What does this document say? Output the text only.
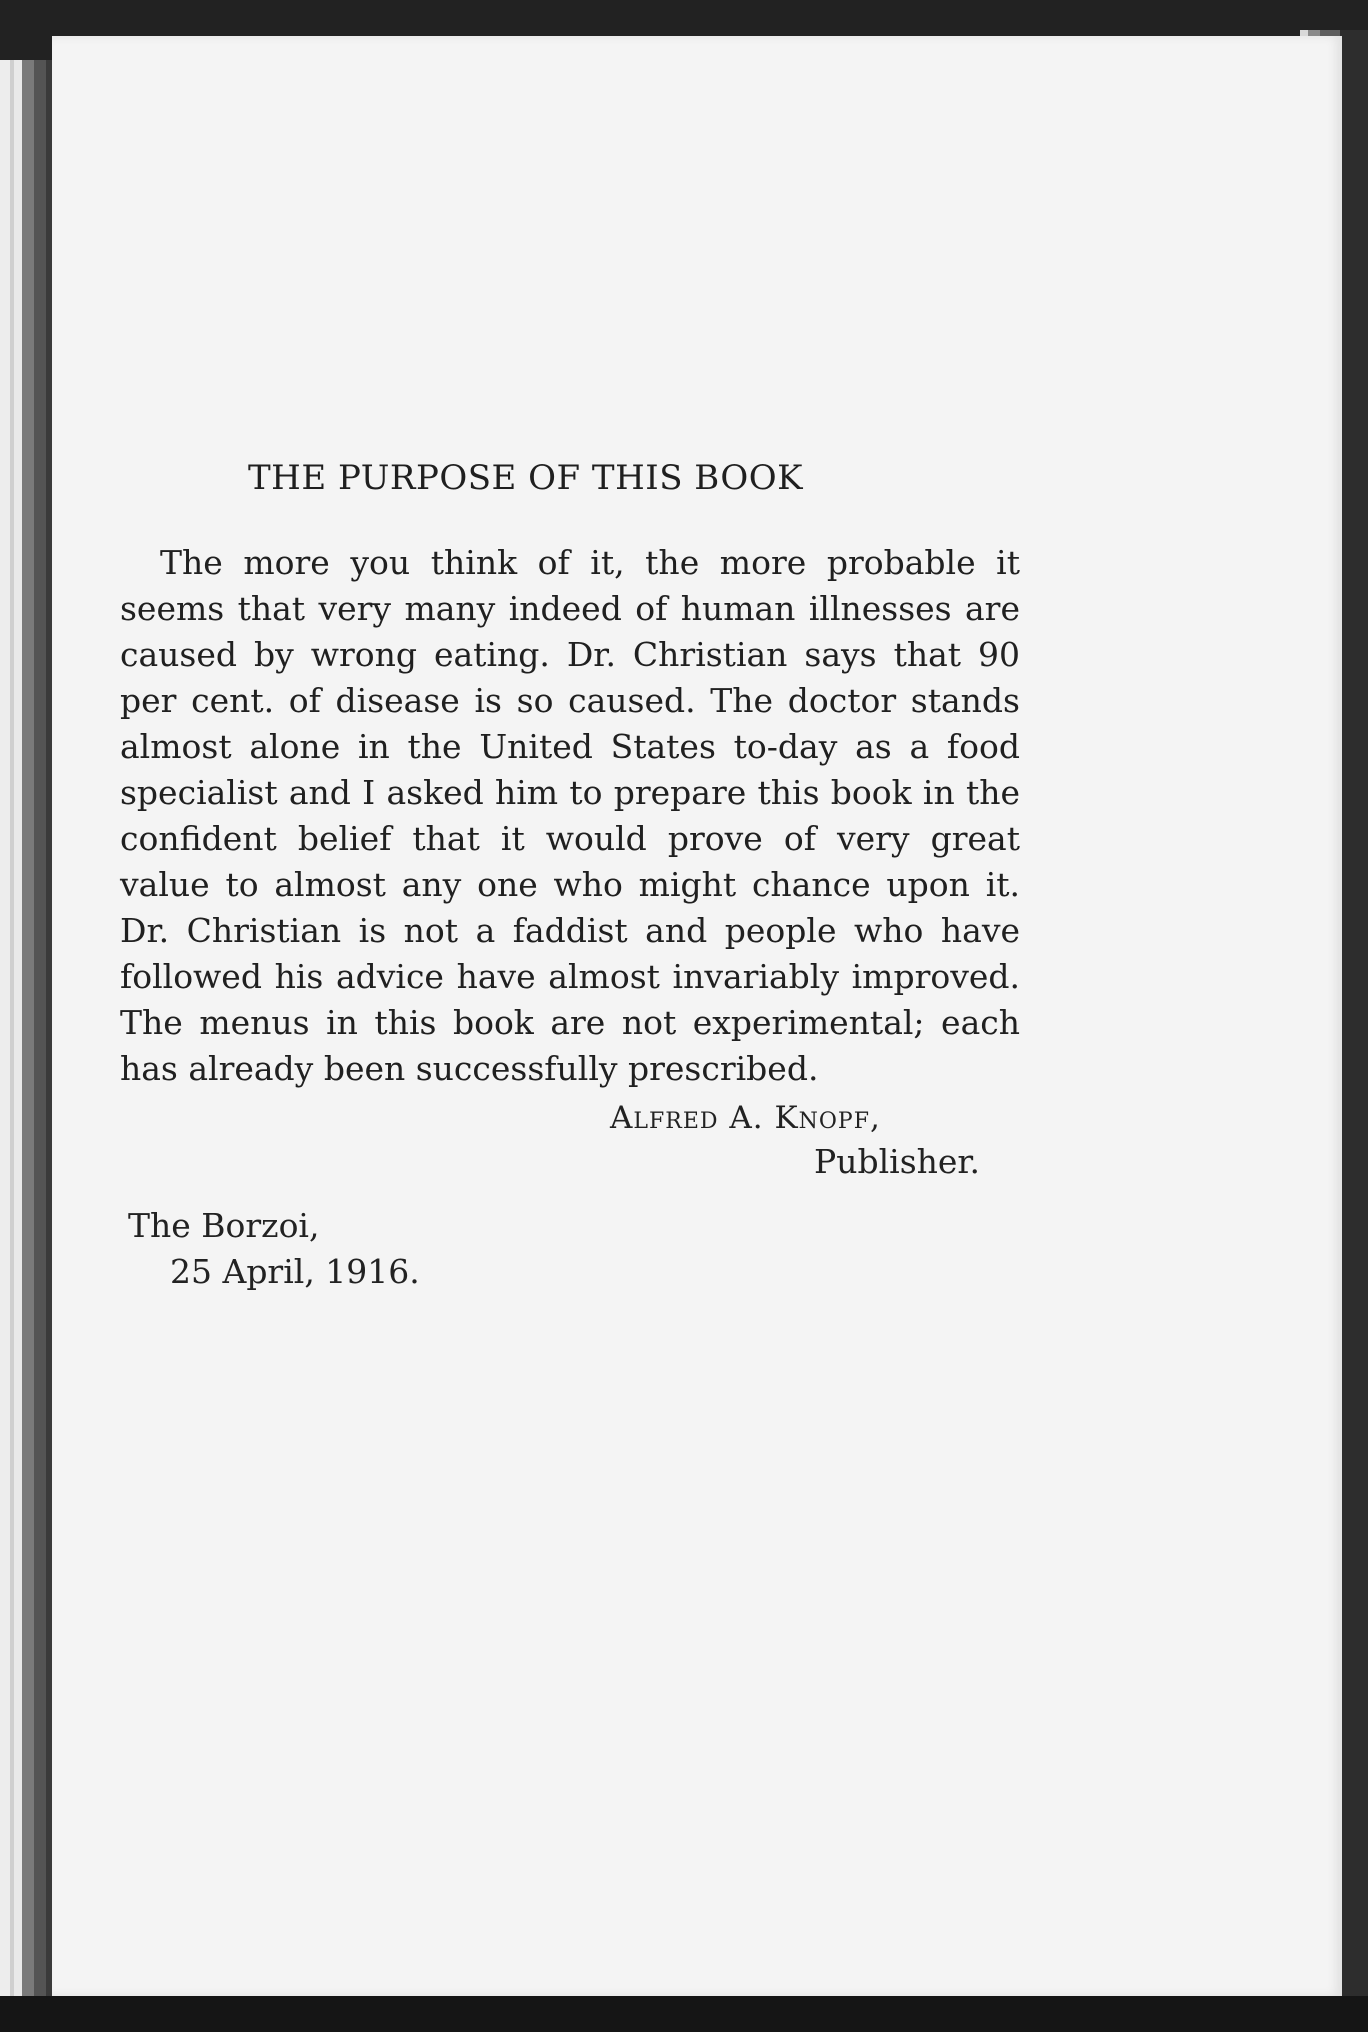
THE PURPOSE OF THIS BOOK
The more you think of it, the more probable it
seems that very many indeed of human illnesses are
caused by wrong eating. Dr. Christian says that 90
per cent. of disease is so caused. The doctor stands
almost alone in the United States to-day as a food
specialist and I asked him to prepare this book in the
confident belief that it would prove of very great
value to almost any one who might chance upon it.
Dr. Christian is not a faddist and people who have
followed his advice have almost invariably improved.
The menus in this book are not experimental; each
has already been successfully prescribed.
Alfred A. Knopf,
Publisher.
The Borzoi,
25 April, 1916.
